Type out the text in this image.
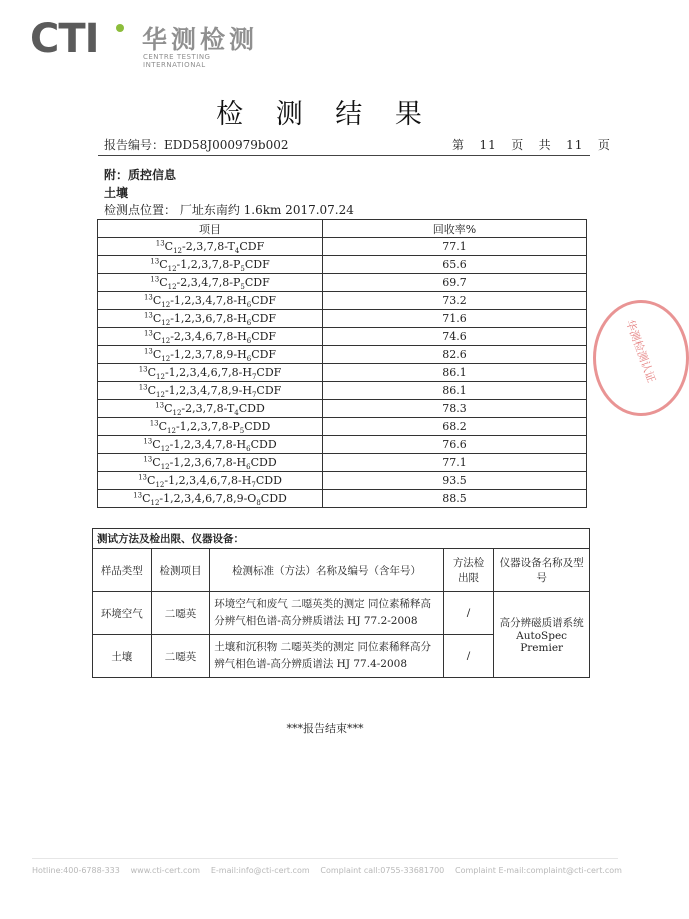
CTI 华测检测
CENTRE TESTING INTERNATIONAL
检 测 结 果
报告编号：EDD58J000979b002	第 11 页 共 11 页
附：质控信息
土壤
检测点位置： 厂址东南约 1.6km 2017.07.24
项目	回收率%
$^{13}C_{12}-2,3,7,8-T_4CDF$	77.1
$^{13}C_{12}-1,2,3,7,8-P_5CDF$	65.6
$^{13}C_{12}-2,3,4,7,8-P_5CDF$	69.7
$^{13}C_{12}-1,2,3,4,7,8-H_6CDF$	73.2
$^{13}C_{12}-1,2,3,6,7,8-H_6CDF$	71.6
$^{13}C_{12}-2,3,4,6,7,8-H_6CDF$	74.6
$^{13}C_{12}-1,2,3,7,8,9-H_6CDF$	82.6
$^{13}C_{12}-1,2,3,4,6,7,8-H_7CDF$	86.1
$^{13}C_{12}-1,2,3,4,7,8,9-H_7CDF$	86.1
$^{13}C_{12}-2,3,7,8-T_4CDD$	78.3
$^{13}C_{12}-1,2,3,7,8-P_5CDD$	68.2
$^{13}C_{12}-1,2,3,4,7,8-H_6CDD$	76.6
$^{13}C_{12}-1,2,3,6,7,8-H_6CDD$	77.1
$^{13}C_{12}-1,2,3,4,6,7,8-H_7CDD$	93.5
$^{13}C_{12}-1,2,3,4,6,7,8,9-O_8CDD$	88.5
测试方法及检出限、仪器设备：				
样品类型	检测项目	检测标准（方法）名称及编号（含年号）	方法检出限	仪器设备名称及型号
环境空气	二噁英	环境空气和废气 二噁英类的测定 同位素稀释高分辨气相色谱-高分辨质谱法 HJ 77.2-2008	/	高分辨磁质谱系统 AutoSpec Premier
土壤	二噁英	土壤和沉积物 二噁英类的测定 同位素稀释高分辨气相色谱-高分辨质谱法 HJ 77.4-2008	/	
***报告结束***
华测检测认证
Hotline:400-6788-333 www.cti-cert.com E-mail:info@cti-cert.com Complaint call:0755-33681700 Complaint E-mail:complaint@cti-cert.com
